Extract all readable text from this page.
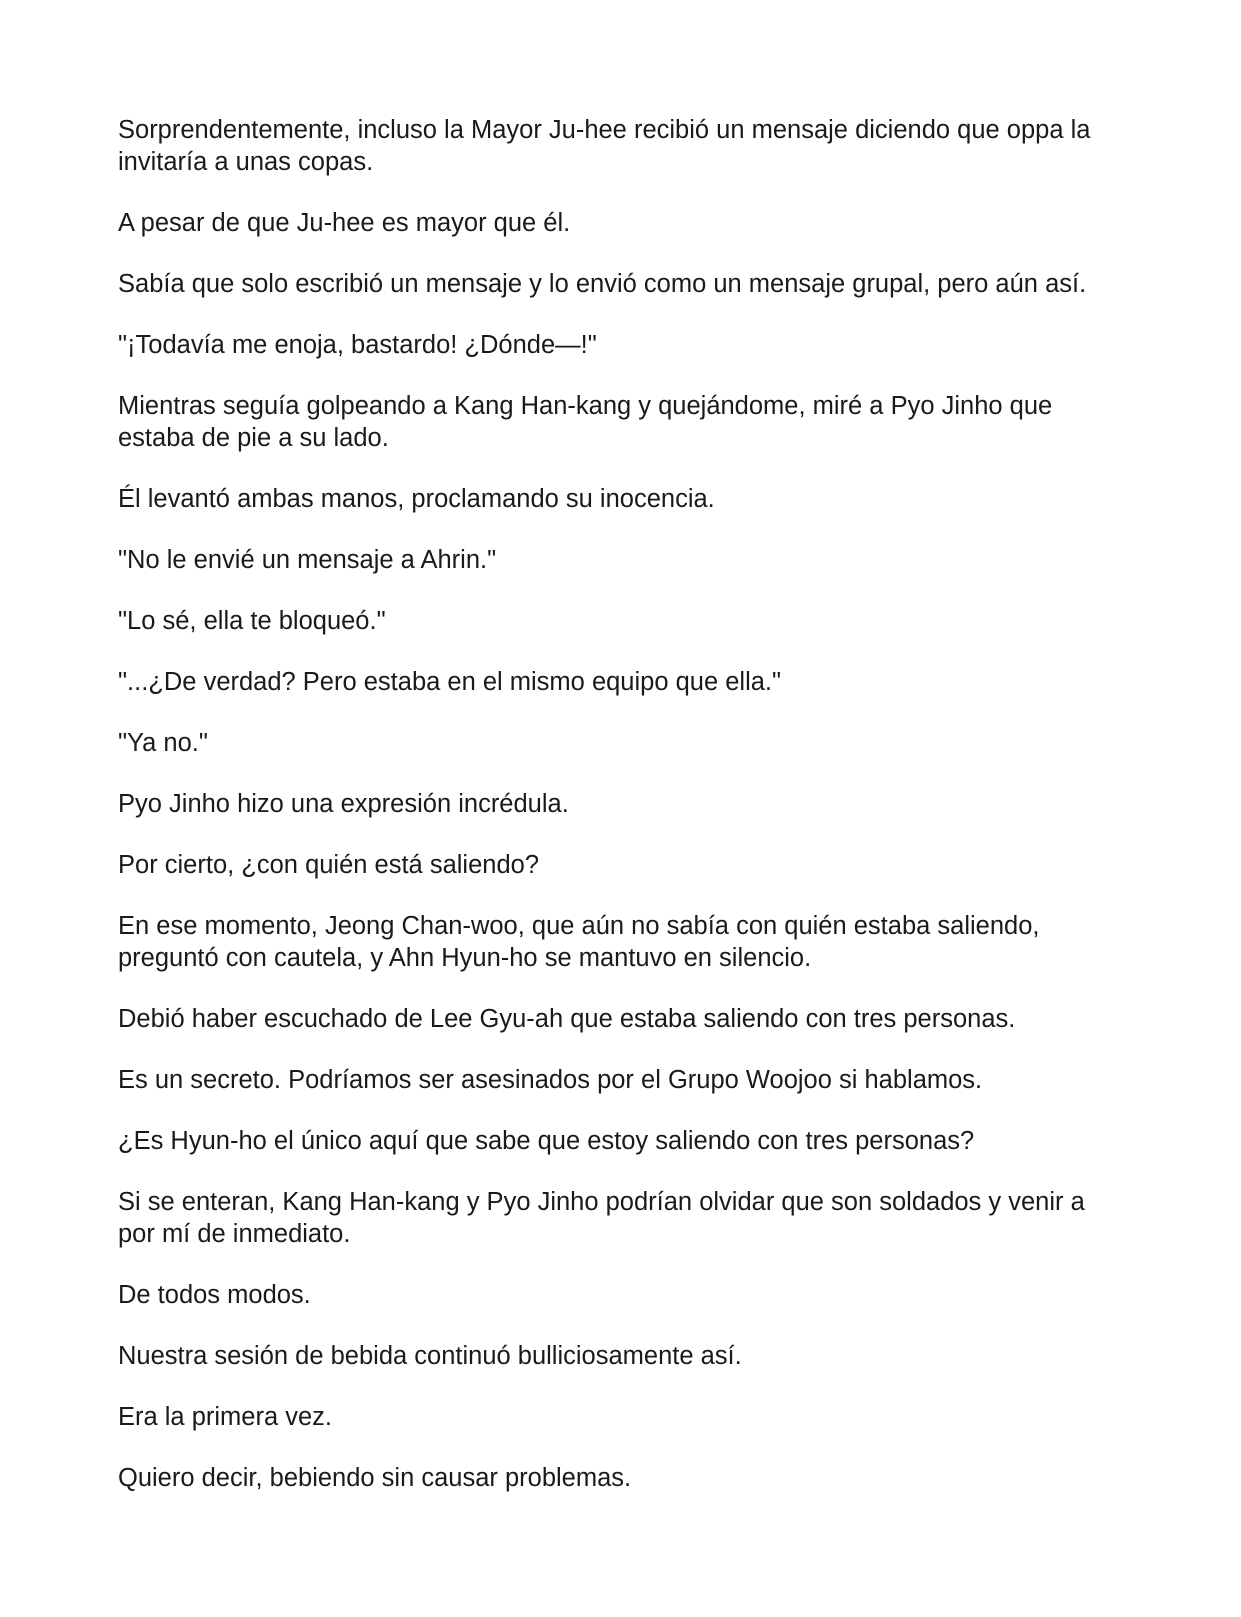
Sorprendentemente, incluso la Mayor Ju-hee recibió un mensaje diciendo que oppa la invitaría a unas copas.

A pesar de que Ju-hee es mayor que él.

Sabía que solo escribió un mensaje y lo envió como un mensaje grupal, pero aún así.

"¡Todavía me enoja, bastardo! ¿Dónde—!"

Mientras seguía golpeando a Kang Han-kang y quejándome, miré a Pyo Jinho que estaba de pie a su lado.

Él levantó ambas manos, proclamando su inocencia.

"No le envié un mensaje a Ahrin."

"Lo sé, ella te bloqueó."

"...¿De verdad? Pero estaba en el mismo equipo que ella."

"Ya no."

Pyo Jinho hizo una expresión incrédula.

Por cierto, ¿con quién está saliendo?

En ese momento, Jeong Chan-woo, que aún no sabía con quién estaba saliendo, preguntó con cautela, y Ahn Hyun-ho se mantuvo en silencio.

Debió haber escuchado de Lee Gyu-ah que estaba saliendo con tres personas.

Es un secreto. Podríamos ser asesinados por el Grupo Woojoo si hablamos.

¿Es Hyun-ho el único aquí que sabe que estoy saliendo con tres personas?

Si se enteran, Kang Han-kang y Pyo Jinho podrían olvidar que son soldados y venir a por mí de inmediato.

De todos modos.

Nuestra sesión de bebida continuó bulliciosamente así.

Era la primera vez.

Quiero decir, bebiendo sin causar problemas.
